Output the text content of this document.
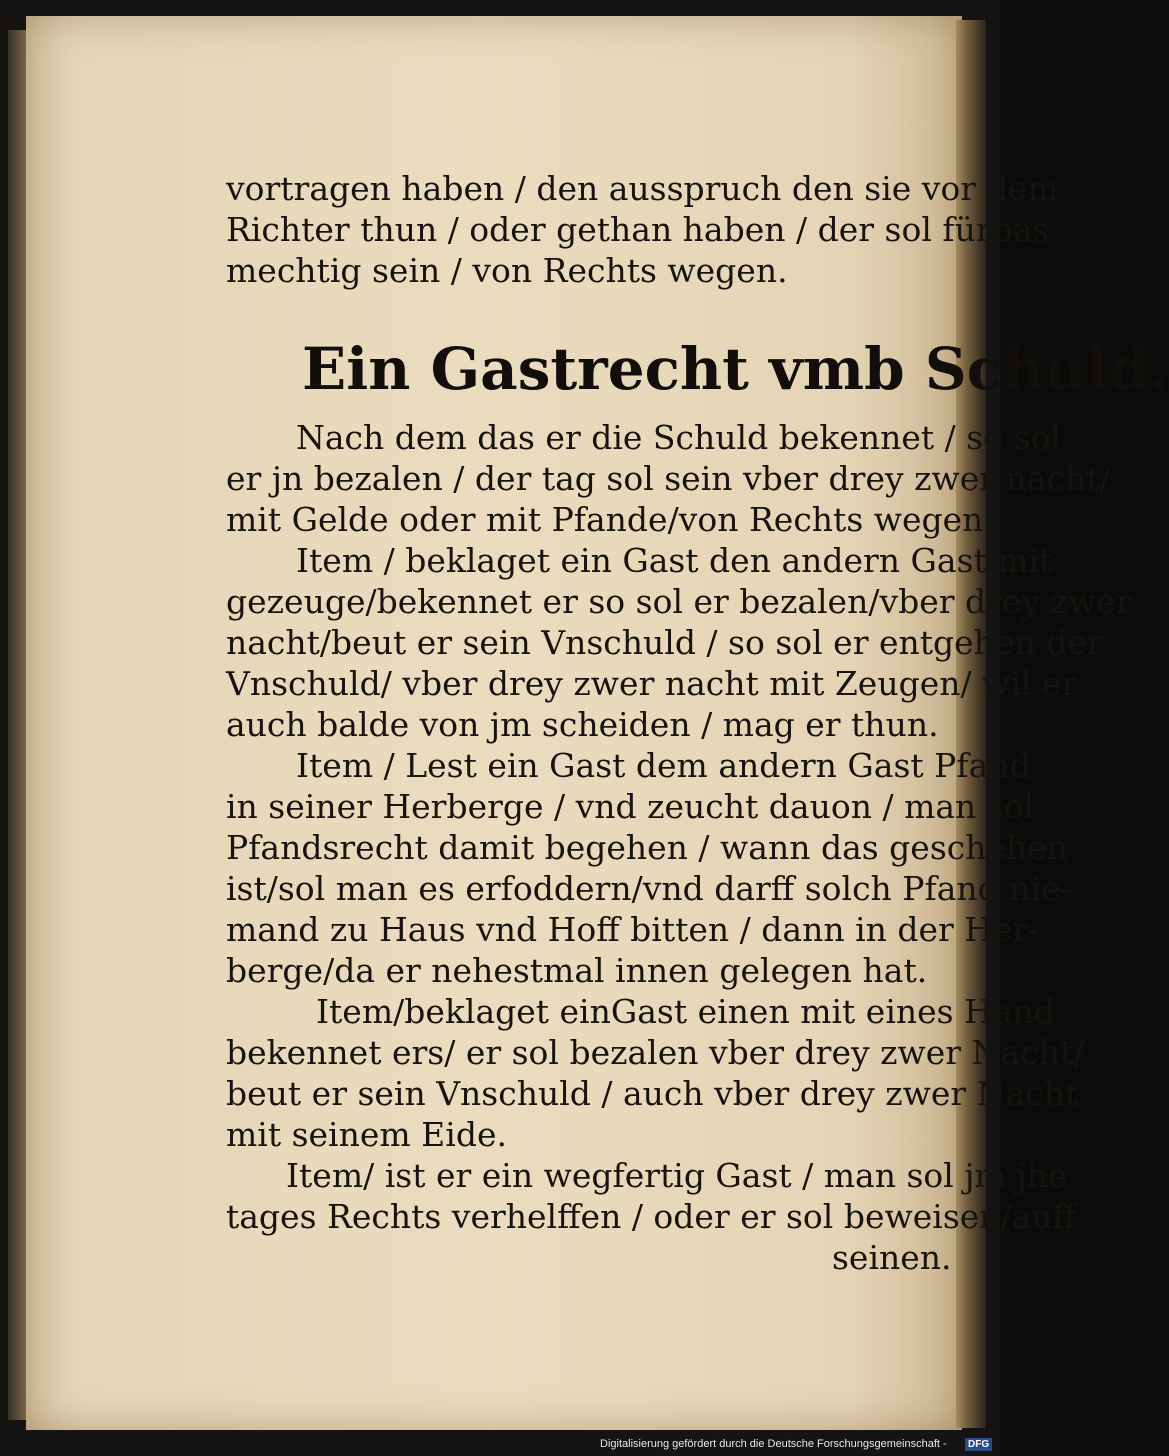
vortragen haben / den ausspruch den sie vor dem
Richter thun / oder gethan haben / der sol fürbas
mechtig sein / von Rechts wegen.
Ein Gastrecht vmb Schuld.
Nach dem das er die Schuld bekennet / so sol
er jn bezalen / der tag sol sein vber drey zwer nacht/
mit Gelde oder mit Pfande/von Rechts wegen.
Item / beklaget ein Gast den andern Gast mit
gezeuge/bekennet er so sol er bezalen/vber drey zwer
nacht/beut er sein Vnschuld / so sol er entgehen der
Vnschuld/ vber drey zwer nacht mit Zeugen/ wil er
auch balde von jm scheiden / mag er thun.
Item / Lest ein Gast dem andern Gast Pfand
in seiner Herberge / vnd zeucht dauon / man sol
Pfandsrecht damit begehen / wann das geschehen
ist/sol man es erfoddern/vnd darff solch Pfand nie-
mand zu Haus vnd Hoff bitten / dann in der Her-
berge/da er nehestmal innen gelegen hat.
Item/beklaget einGast einen mit eines Hand
bekennet ers/ er sol bezalen vber drey zwer Nacht/
beut er sein Vnschuld / auch vber drey zwer Nacht
mit seinem Eide.
Item/ ist er ein wegfertig Gast / man sol jm jhe
tages Rechts verhelffen / oder er sol beweisen/auff
seinen.
Digitalisierung gefördert durch die Deutsche Forschungsgemeinschaft -	DFG
